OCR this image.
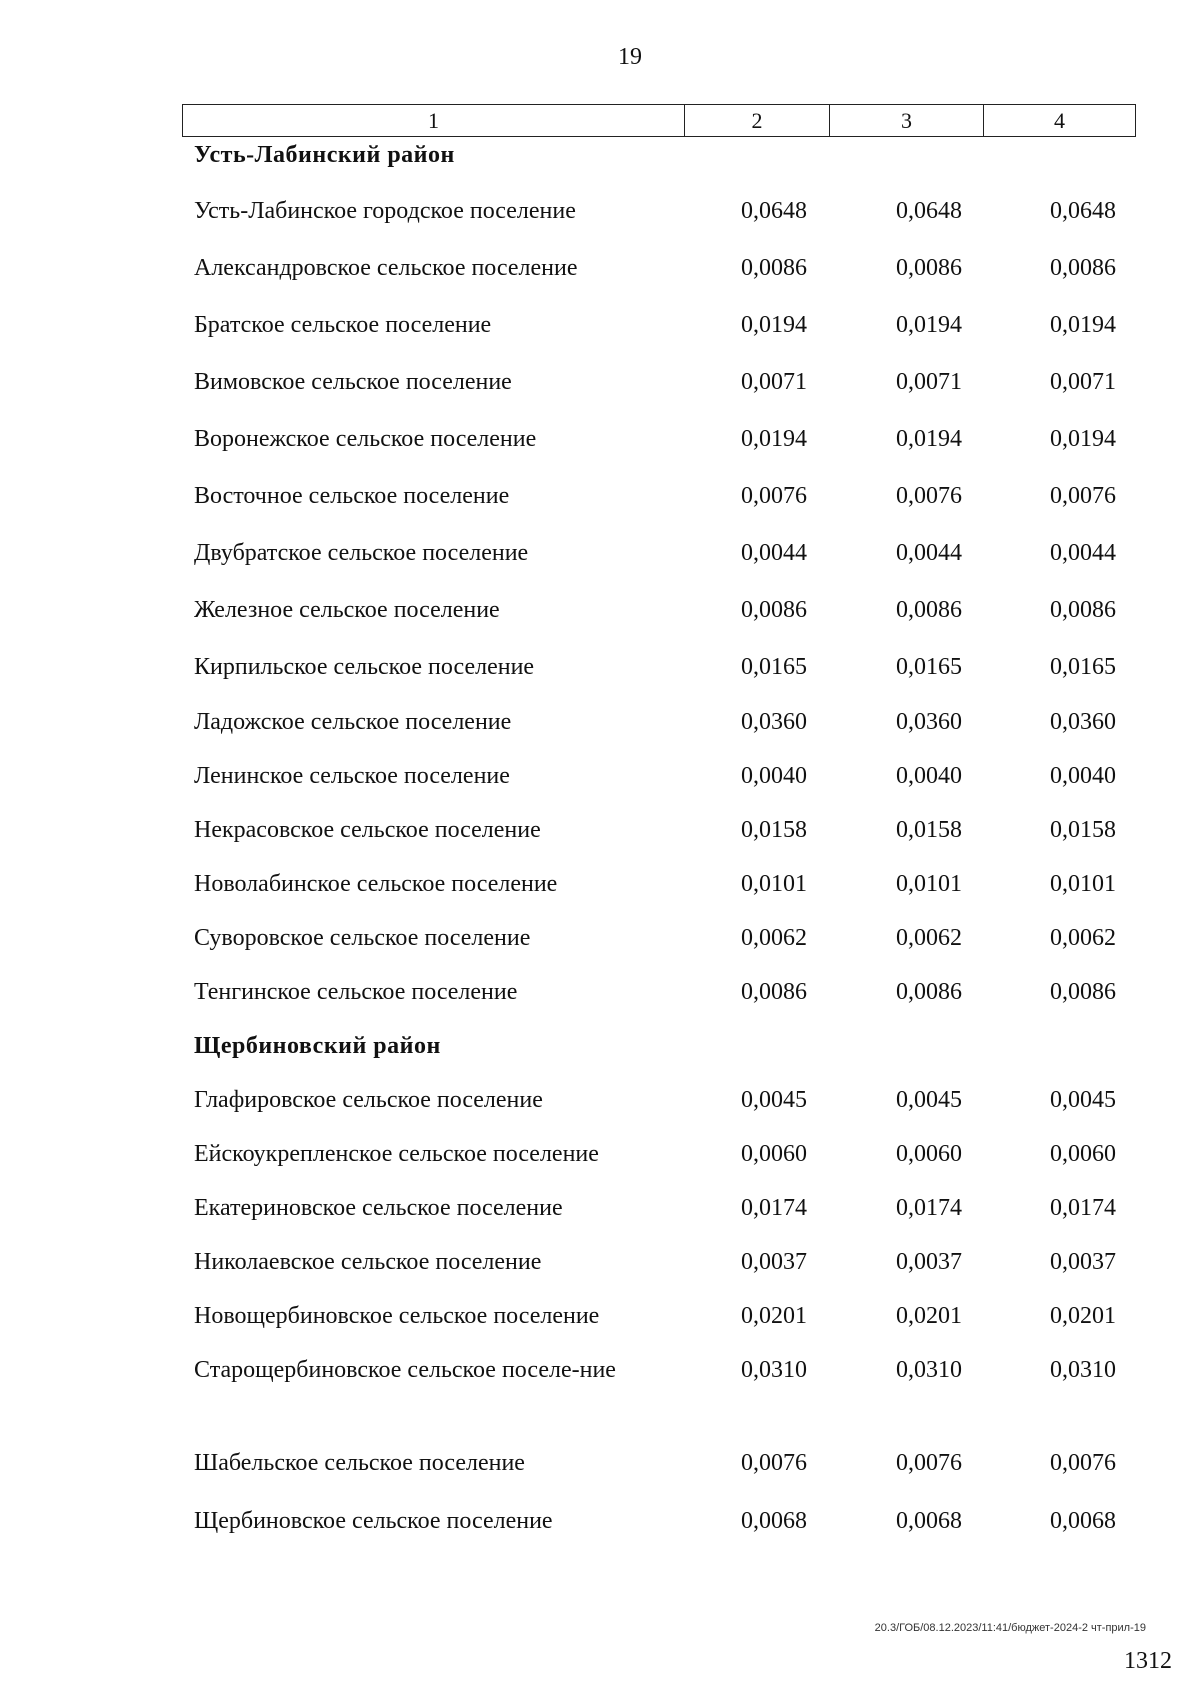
19
1	2	3	4
Усть-Лабинский район
Усть-Лабинское городское поселение	0,0648	0,0648	0,0648
Александровское сельское поселение	0,0086	0,0086	0,0086
Братское сельское поселение	0,0194	0,0194	0,0194
Вимовское сельское поселение	0,0071	0,0071	0,0071
Воронежское сельское поселение	0,0194	0,0194	0,0194
Восточное сельское поселение	0,0076	0,0076	0,0076
Двубратское сельское поселение	0,0044	0,0044	0,0044
Железное сельское поселение	0,0086	0,0086	0,0086
Кирпильское сельское поселение	0,0165	0,0165	0,0165
Ладожское сельское поселение	0,0360	0,0360	0,0360
Ленинское сельское поселение	0,0040	0,0040	0,0040
Некрасовское сельское поселение	0,0158	0,0158	0,0158
Новолабинское сельское поселение	0,0101	0,0101	0,0101
Суворовское сельское поселение	0,0062	0,0062	0,0062
Тенгинское сельское поселение	0,0086	0,0086	0,0086
Щербиновский район
Глафировское сельское поселение	0,0045	0,0045	0,0045
Ейскоукрепленское сельское поселение	0,0060	0,0060	0,0060
Екатериновское сельское поселение	0,0174	0,0174	0,0174
Николаевское сельское поселение	0,0037	0,0037	0,0037
Новощербиновское сельское поселение	0,0201	0,0201	0,0201
Старощербиновское сельское поселе-ние	0,0310	0,0310	0,0310
Шабельское сельское поселение	0,0076	0,0076	0,0076
Щербиновское сельское поселение	0,0068	0,0068	0,0068
20.3/ГОБ/08.12.2023/11:41/бюджет-2024-2 чт-прил-19
1312
